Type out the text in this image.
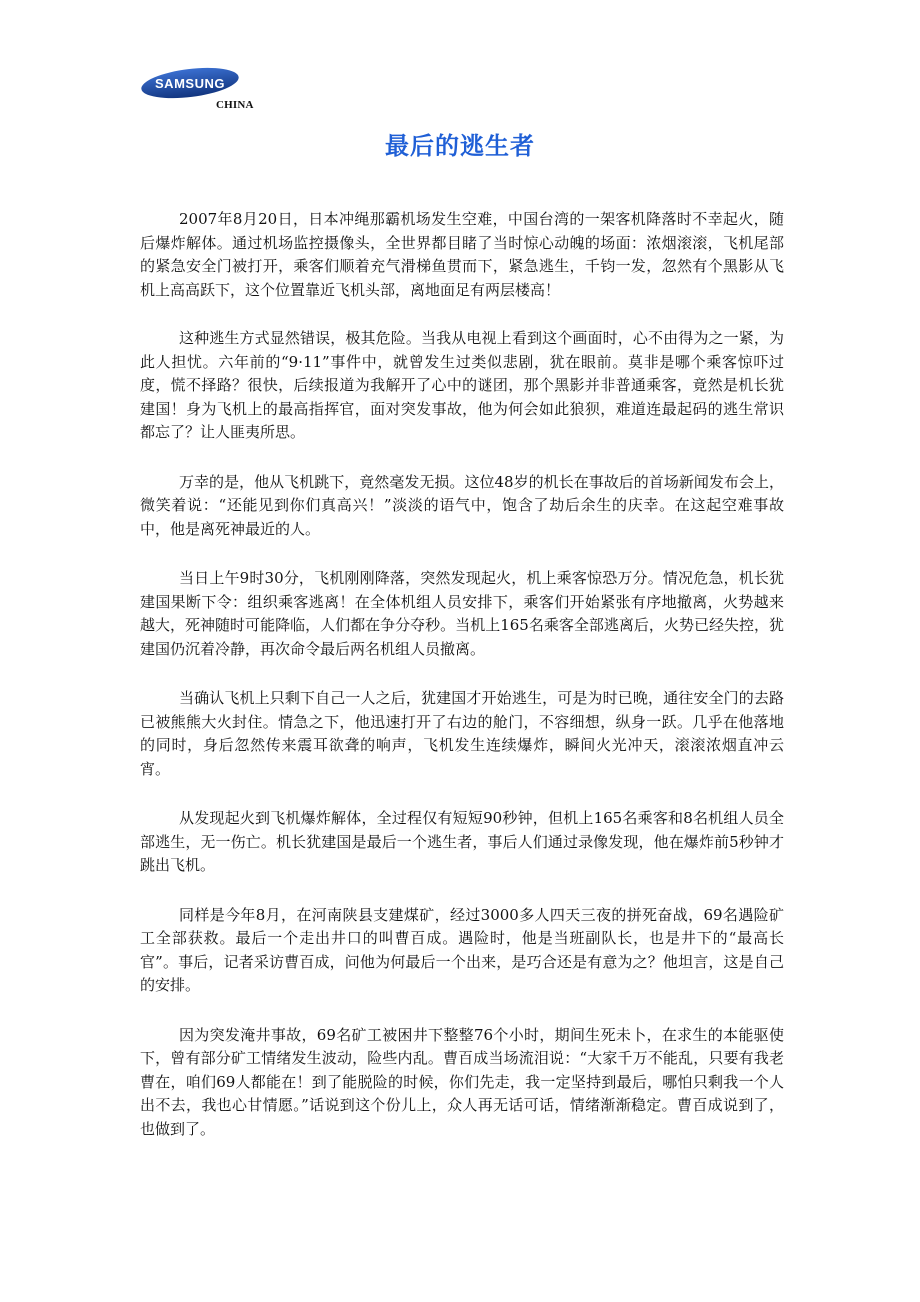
SAMSUNG
CHINA
最后的逃生者

2007年8月20日，日本冲绳那霸机场发生空难，中国台湾的一架客机降落时不幸起火，随后爆炸解体。通过机场监控摄像头，全世界都目睹了当时惊心动魄的场面：浓烟滚滚，飞机尾部的紧急安全门被打开，乘客们顺着充气滑梯鱼贯而下，紧急逃生，千钧一发，忽然有个黑影从飞机上高高跃下，这个位置靠近飞机头部，离地面足有两层楼高！

这种逃生方式显然错误，极其危险。当我从电视上看到这个画面时，心不由得为之一紧，为此人担忧。六年前的“9·11”事件中，就曾发生过类似悲剧，犹在眼前。莫非是哪个乘客惊吓过度，慌不择路？很快，后续报道为我解开了心中的谜团，那个黑影并非普通乘客，竟然是机长犹建国！身为飞机上的最高指挥官，面对突发事故，他为何会如此狼狈，难道连最起码的逃生常识都忘了？让人匪夷所思。

万幸的是，他从飞机跳下，竟然毫发无损。这位48岁的机长在事故后的首场新闻发布会上，微笑着说：“还能见到你们真高兴！”淡淡的语气中，饱含了劫后余生的庆幸。在这起空难事故中，他是离死神最近的人。

当日上午9时30分，飞机刚刚降落，突然发现起火，机上乘客惊恐万分。情况危急，机长犹建国果断下令：组织乘客逃离！在全体机组人员安排下，乘客们开始紧张有序地撤离，火势越来越大，死神随时可能降临，人们都在争分夺秒。当机上165名乘客全部逃离后，火势已经失控，犹建国仍沉着冷静，再次命令最后两名机组人员撤离。

当确认飞机上只剩下自己一人之后，犹建国才开始逃生，可是为时已晚，通往安全门的去路已被熊熊大火封住。情急之下，他迅速打开了右边的舱门，不容细想，纵身一跃。几乎在他落地的同时，身后忽然传来震耳欲聋的响声，飞机发生连续爆炸，瞬间火光冲天，滚滚浓烟直冲云宵。

从发现起火到飞机爆炸解体，全过程仅有短短90秒钟，但机上165名乘客和8名机组人员全部逃生，无一伤亡。机长犹建国是最后一个逃生者，事后人们通过录像发现，他在爆炸前5秒钟才跳出飞机。

同样是今年8月，在河南陕县支建煤矿，经过3000多人四天三夜的拼死奋战，69名遇险矿工全部获救。最后一个走出井口的叫曹百成。遇险时，他是当班副队长，也是井下的“最高长官”。事后，记者采访曹百成，问他为何最后一个出来，是巧合还是有意为之？他坦言，这是自己的安排。

因为突发淹井事故，69名矿工被困井下整整76个小时，期间生死未卜，在求生的本能驱使下，曾有部分矿工情绪发生波动，险些内乱。曹百成当场流泪说：“大家千万不能乱，只要有我老曹在，咱们69人都能在！到了能脱险的时候，你们先走，我一定坚持到最后，哪怕只剩我一个人出不去，我也心甘情愿。”话说到这个份儿上，众人再无话可话，情绪渐渐稳定。曹百成说到了，也做到了。
